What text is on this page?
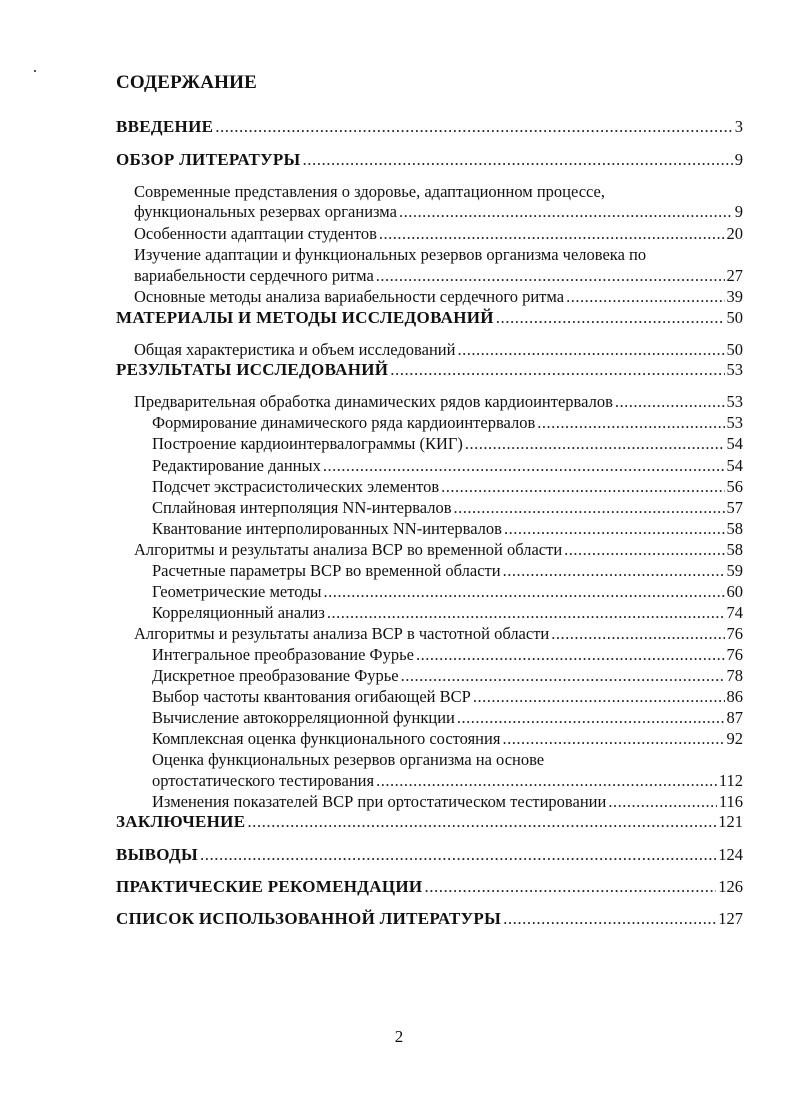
СОДЕРЖАНИЕ
ВВЕДЕНИЕ .....	3
ОБЗОР ЛИТЕРАТУРЫ .....	9
Современные представления о здоровье, адаптационном процессе,
функциональных резервах организма .....	9
Особенности адаптации студентов .....	20
Изучение адаптации и функциональных резервов организма человека по
вариабельности сердечного ритма .....	27
Основные методы анализа вариабельности сердечного ритма .....	39
МАТЕРИАЛЫ И МЕТОДЫ ИССЛЕДОВАНИЙ .....	50
Общая характеристика и объем исследований .....	50
РЕЗУЛЬТАТЫ ИССЛЕДОВАНИЙ .....	53
Предварительная обработка динамических рядов кардиоинтервалов .....	53
Формирование динамического ряда кардиоинтервалов .....	53
Построение кардиоинтервалограммы (КИГ) .....	54
Редактирование данных .....	54
Подсчет экстрасистолических элементов .....	56
Сплайновая интерполяция NN-интервалов .....	57
Квантование интерполированных NN-интервалов .....	58
Алгоритмы и результаты анализа ВСР во временной области .....	58
Расчетные параметры ВСР во временной области .....	59
Геометрические методы .....	60
Корреляционный анализ .....	74
Алгоритмы и результаты анализа ВСР в частотной области .....	76
Интегральное преобразование Фурье .....	76
Дискретное преобразование Фурье .....	78
Выбор частоты квантования огибающей ВСР .....	86
Вычисление автокорреляционной функции .....	87
Комплексная оценка функционального состояния .....	92
Оценка функциональных резервов организма на основе
ортостатического тестирования .....	112
Изменения показателей ВСР при ортостатическом тестировании .....	116
ЗАКЛЮЧЕНИЕ .....	121
ВЫВОДЫ .....	124
ПРАКТИЧЕСКИЕ РЕКОМЕНДАЦИИ .....	126
СПИСОК ИСПОЛЬЗОВАННОЙ ЛИТЕРАТУРЫ .....	127
2
